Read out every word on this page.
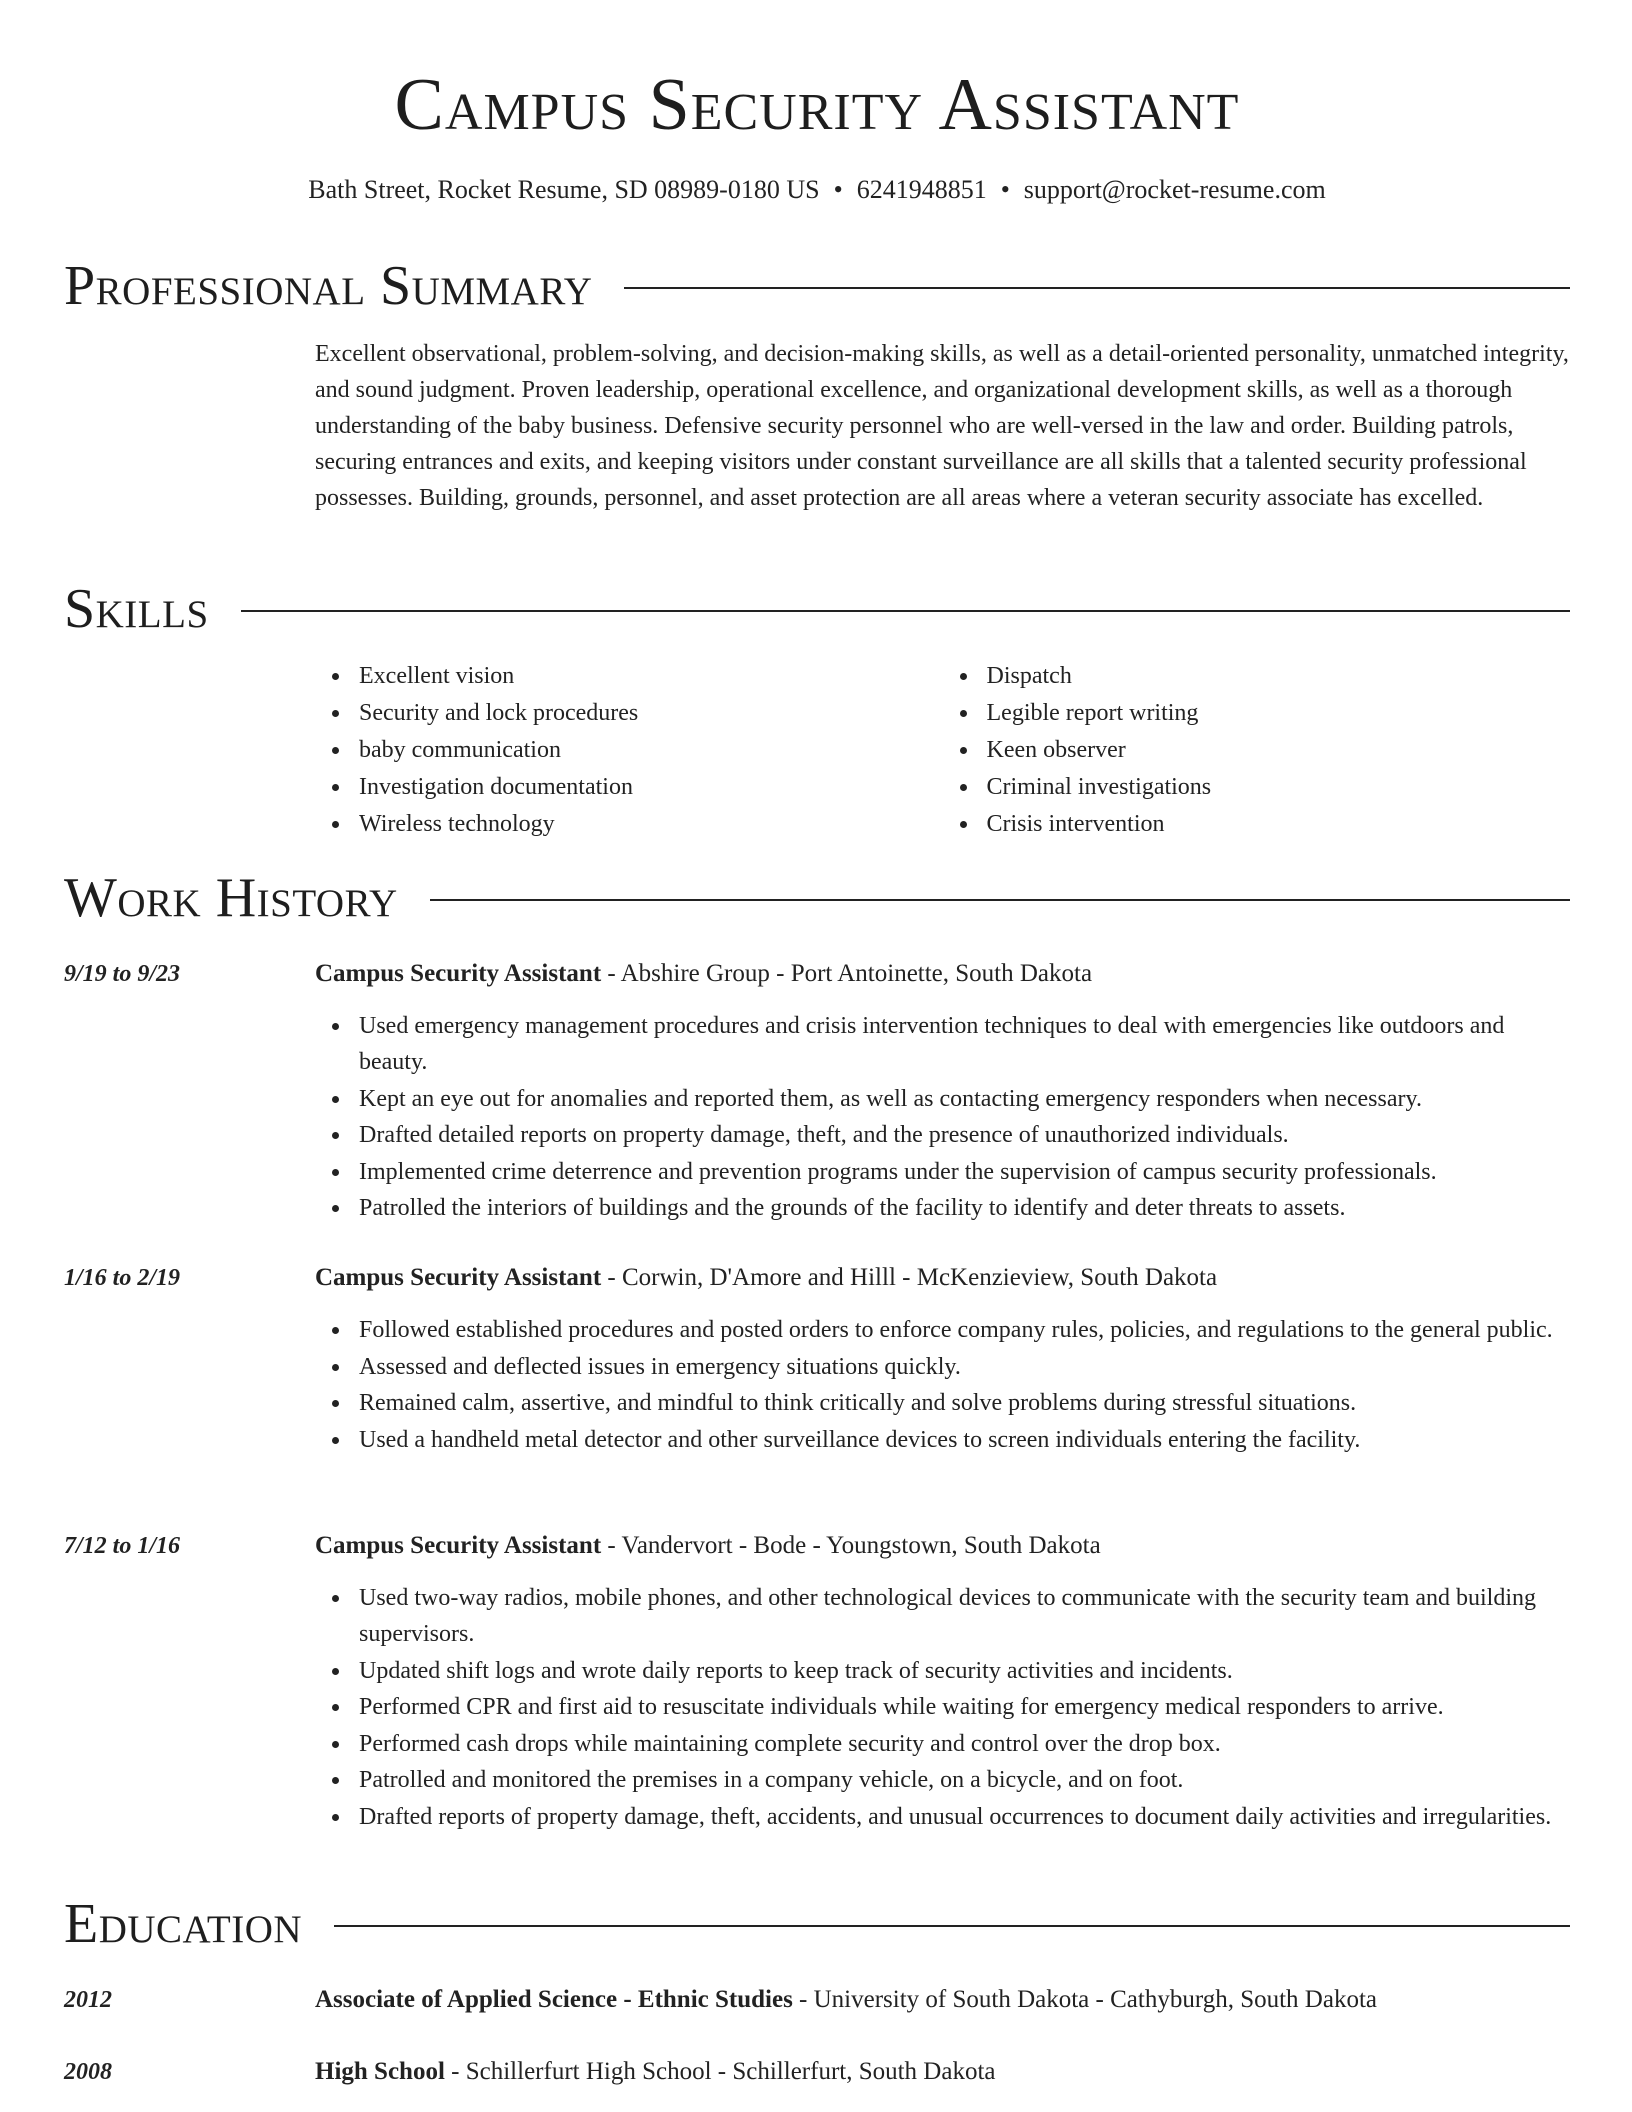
Campus Security Assistant
Bath Street, Rocket Resume, SD 08989-0180 US • 6241948851 • support@rocket-resume.com
Professional Summary

Excellent observational, problem-solving, and decision-making skills, as well as a detail-oriented personality, unmatched integrity, and sound judgment. Proven leadership, operational excellence, and organizational development skills, as well as a thorough understanding of the baby business. Defensive security personnel who are well-versed in the law and order. Building patrols, securing entrances and exits, and keeping visitors under constant surveillance are all skills that a talented security professional possesses. Building, grounds, personnel, and asset protection are all areas where a veteran security associate has excelled.

Skills
Excellent vision
Security and lock procedures
baby communication
Investigation documentation
Wireless technology
Dispatch
Legible report writing
Keen observer
Criminal investigations
Crisis intervention
Work History
9/19 to 9/23	Campus Security Assistant - Abshire Group - Port Antoinette, South Dakota

Used emergency management procedures and crisis intervention techniques to deal with emergencies like outdoors and beauty.
Kept an eye out for anomalies and reported them, as well as contacting emergency responders when necessary.
Drafted detailed reports on property damage, theft, and the presence of unauthorized individuals.
Implemented crime deterrence and prevention programs under the supervision of campus security professionals.
Patrolled the interiors of buildings and the grounds of the facility to identify and deter threats to assets.
1/16 to 2/19	Campus Security Assistant - Corwin, D'Amore and Hilll - McKenzieview, South Dakota

Followed established procedures and posted orders to enforce company rules, policies, and regulations to the general public.
Assessed and deflected issues in emergency situations quickly.
Remained calm, assertive, and mindful to think critically and solve problems during stressful situations.
Used a handheld metal detector and other surveillance devices to screen individuals entering the facility.
7/12 to 1/16	Campus Security Assistant - Vandervort - Bode - Youngstown, South Dakota

Used two-way radios, mobile phones, and other technological devices to communicate with the security team and building supervisors.
Updated shift logs and wrote daily reports to keep track of security activities and incidents.
Performed CPR and first aid to resuscitate individuals while waiting for emergency medical responders to arrive.
Performed cash drops while maintaining complete security and control over the drop box.
Patrolled and monitored the premises in a company vehicle, on a bicycle, and on foot.
Drafted reports of property damage, theft, accidents, and unusual occurrences to document daily activities and irregularities.
Education
2012	Associate of Applied Science - Ethnic Studies - University of South Dakota - Cathyburgh, South Dakota

2008	High School - Schillerfurt High School - Schillerfurt, South Dakota
